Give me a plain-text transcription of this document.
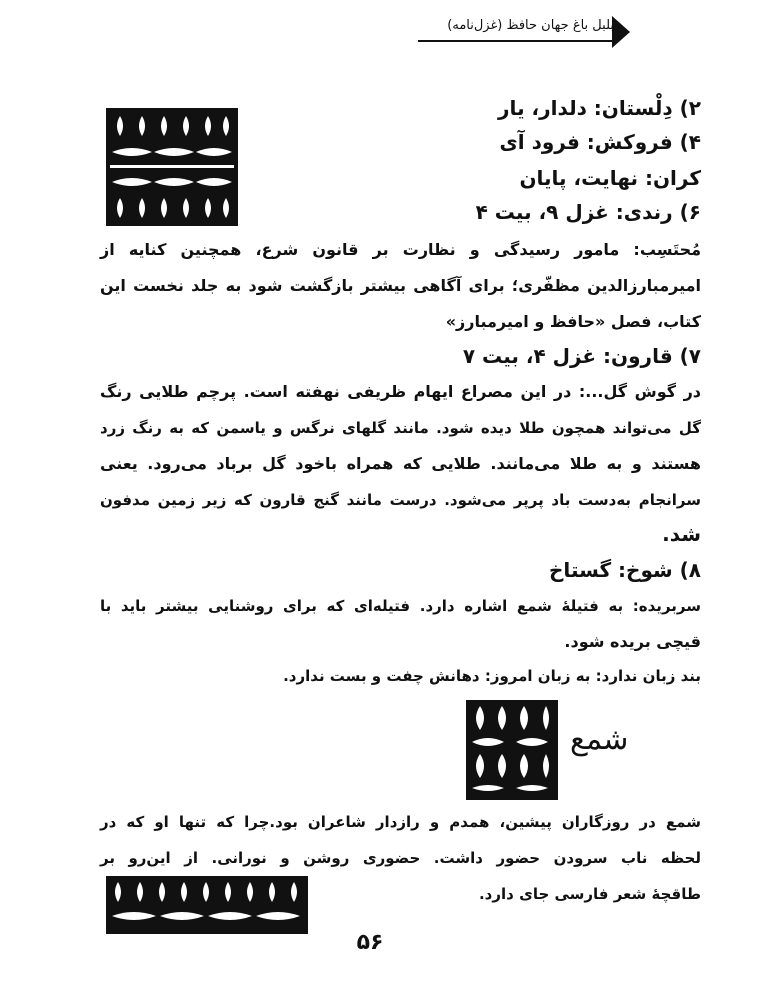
بلبل باغ جهان حافظ (غزل‌نامه)
۲) دِلْستان: دلدار، یار
۴) فروکش: فرود آی
کران: نهایت، پایان
۶) رندی: غزل ۹، بیت ۴
مُحتَسِب: مامور رسیدگی و نظارت بر قانون شرع، همچنین کنایه از
امیرمبارزالدین مظفّری؛ برای آگاهی بیشتر بازگشت شود به جلد نخست این
کتاب، فصل «حافظ و امیرمبارز»
۷) قارون: غزل ۴، بیت ۷
در گوش گل...: در این مصراع ایهام ظریفی نهفته است. پرچم طلایی رنگ
گل می‌تواند همچون طلا دیده شود. مانند گلهای نرگس و یاسمن که به رنگ زرد
هستند و به طلا می‌مانند. طلایی که همراه باخود گل برباد می‌رود. یعنی
سرانجام به‌دست باد پرپر می‌شود. درست مانند گنج قارون که زیر زمین مدفون
شد.
۸) شوخ: گستاخ
سربریده: به فتیلهٔ شمع اشاره دارد. فتیله‌ای که برای روشنایی بیشتر باید با
قیچی بریده شود.
بند زبان ندارد: به زبان امروز: دهانش چفت و بست ندارد.
شمع
شمع در روزگاران پیشین، همدم و رازدار شاعران بود.چرا که تنها او که در
لحظه ناب سرودن حضور داشت. حضوری روشن و نورانی. از این‌رو بر
طاقچهٔ شعر فارسی جای دارد.
۵۶
